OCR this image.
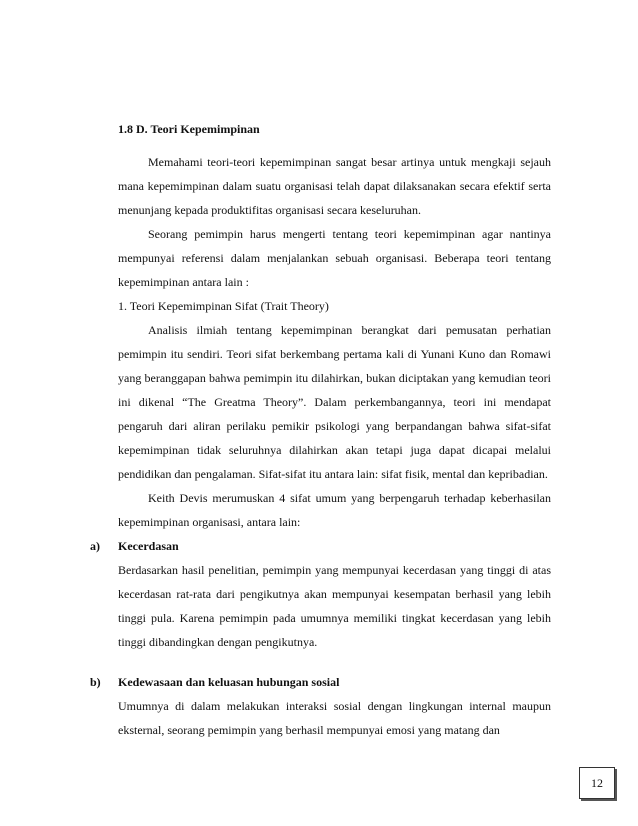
1.8 D. Teori Kepemimpinan

Memahami teori-teori kepemimpinan sangat besar artinya untuk mengkaji sejauh mana kepemimpinan dalam suatu organisasi telah dapat dilaksanakan secara efektif serta menunjang kepada produktifitas organisasi secara keseluruhan.

Seorang pemimpin harus mengerti tentang teori kepemimpinan agar nantinya mempunyai referensi dalam menjalankan sebuah organisasi. Beberapa teori tentang kepemimpinan antara lain :

1. Teori Kepemimpinan Sifat (Trait Theory)

Analisis ilmiah tentang kepemimpinan berangkat dari pemusatan perhatian pemimpin itu sendiri. Teori sifat berkembang pertama kali di Yunani Kuno dan Romawi yang beranggapan bahwa pemimpin itu dilahirkan, bukan diciptakan yang kemudian teori ini dikenal “The Greatma Theory”. Dalam perkembangannya, teori ini mendapat pengaruh dari aliran perilaku pemikir psikologi yang berpandangan bahwa sifat-sifat kepemimpinan tidak seluruhnya dilahirkan akan tetapi juga dapat dicapai melalui pendidikan dan pengalaman. Sifat-sifat itu antara lain: sifat fisik, mental dan kepribadian.

Keith Devis merumuskan 4 sifat umum yang berpengaruh terhadap keberhasilan kepemimpinan organisasi, antara lain:

a) Kecerdasan

Berdasarkan hasil penelitian, pemimpin yang mempunyai kecerdasan yang tinggi di atas kecerdasan rat-rata dari pengikutnya akan mempunyai kesempatan berhasil yang lebih tinggi pula. Karena pemimpin pada umumnya memiliki tingkat kecerdasan yang lebih tinggi dibandingkan dengan pengikutnya.

b) Kedewasaan dan keluasan hubungan sosial

Umumnya di dalam melakukan interaksi sosial dengan lingkungan internal maupun eksternal, seorang pemimpin yang berhasil mempunyai emosi yang matang dan

12
